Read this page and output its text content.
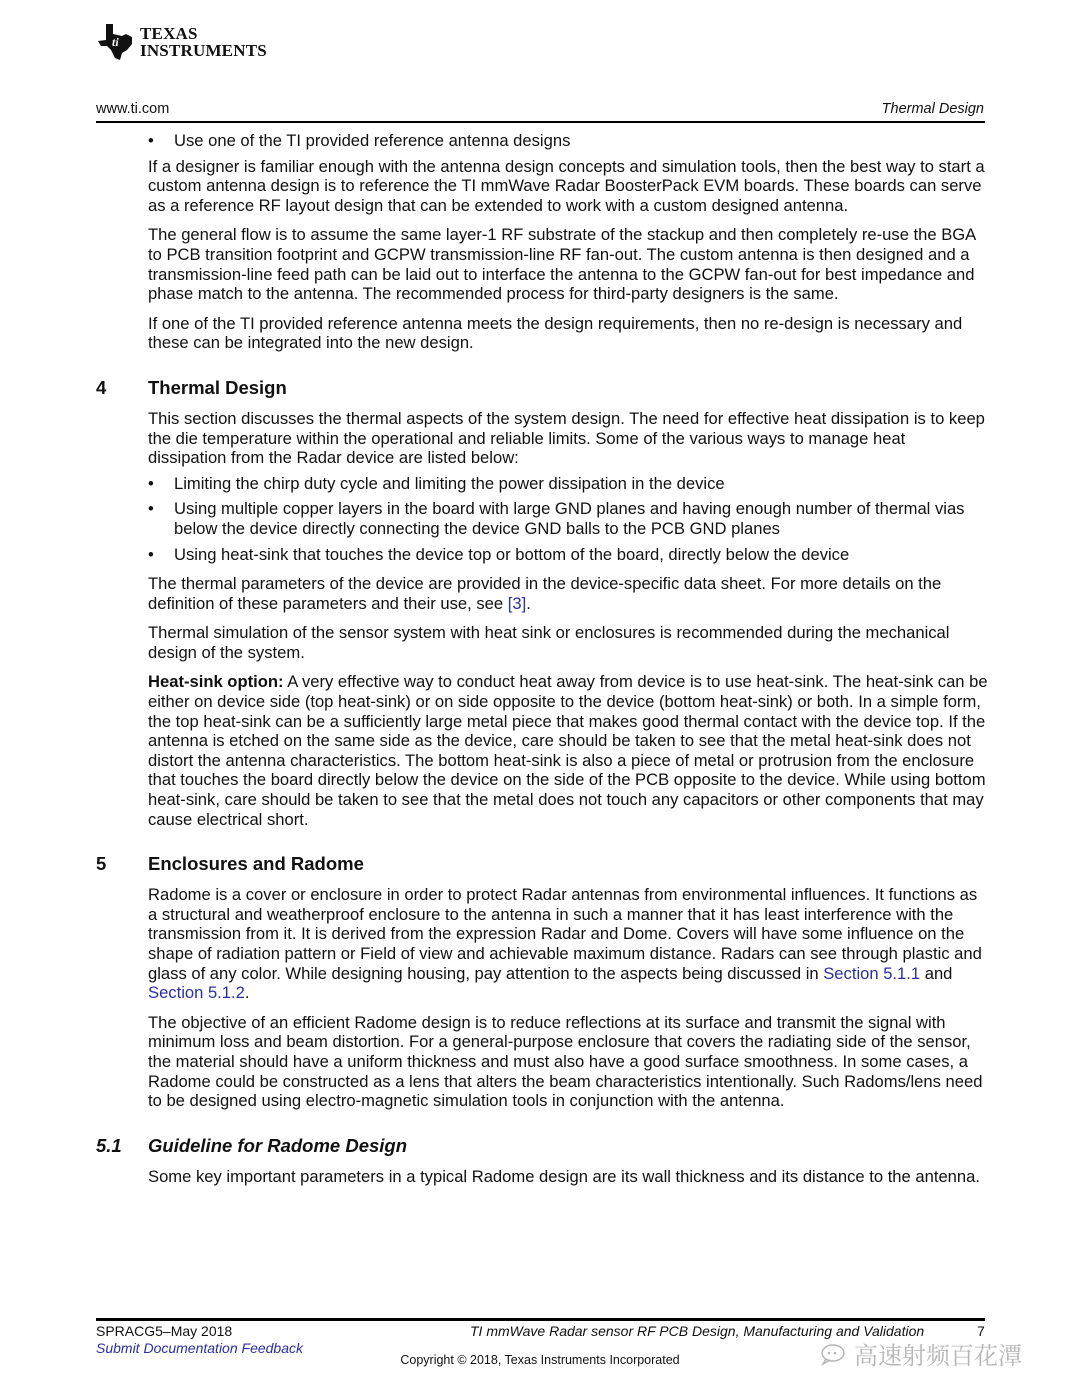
ti TEXAS
INSTRUMENTS
www.ti.com	Thermal Design
• Use one of the TI provided reference antenna designs

If a designer is familiar enough with the antenna design concepts and simulation tools, then the best way to start a custom antenna design is to reference the TI mmWave Radar BoosterPack EVM boards. These boards can serve as a reference RF layout design that can be extended to work with a custom designed antenna.

The general flow is to assume the same layer-1 RF substrate of the stackup and then completely re-use the BGA to PCB transition footprint and GCPW transmission-line RF fan-out. The custom antenna is then designed and a transmission-line feed path can be laid out to interface the antenna to the GCPW fan-out for best impedance and phase match to the antenna. The recommended process for third-party designers is the same.

If one of the TI provided reference antenna meets the design requirements, then no re-design is necessary and these can be integrated into the new design.

4 Thermal Design

This section discusses the thermal aspects of the system design. The need for effective heat dissipation is to keep the die temperature within the operational and reliable limits. Some of the various ways to manage heat dissipation from the Radar device are listed below:

• Limiting the chirp duty cycle and limiting the power dissipation in the device
• Using multiple copper layers in the board with large GND planes and having enough number of thermal vias below the device directly connecting the device GND balls to the PCB GND planes
• Using heat-sink that touches the device top or bottom of the board, directly below the device

The thermal parameters of the device are provided in the device-specific data sheet. For more details on the definition of these parameters and their use, see [3].

Thermal simulation of the sensor system with heat sink or enclosures is recommended during the mechanical design of the system.

Heat-sink option: A very effective way to conduct heat away from device is to use heat-sink. The heat-sink can be either on device side (top heat-sink) or on side opposite to the device (bottom heat-sink) or both. In a simple form, the top heat-sink can be a sufficiently large metal piece that makes good thermal contact with the device top. If the antenna is etched on the same side as the device, care should be taken to see that the metal heat-sink does not distort the antenna characteristics. The bottom heat-sink is also a piece of metal or protrusion from the enclosure that touches the board directly below the device on the side of the PCB opposite to the device. While using bottom heat-sink, care should be taken to see that the metal does not touch any capacitors or other components that may cause electrical short.

5 Enclosures and Radome

Radome is a cover or enclosure in order to protect Radar antennas from environmental influences. It functions as a structural and weatherproof enclosure to the antenna in such a manner that it has least interference with the transmission from it. It is derived from the expression Radar and Dome. Covers will have some influence on the shape of radiation pattern or Field of view and achievable maximum distance. Radars can see through plastic and glass of any color. While designing housing, pay attention to the aspects being discussed in Section 5.1.1 and Section 5.1.2.

The objective of an efficient Radome design is to reduce reflections at its surface and transmit the signal with minimum loss and beam distortion. For a general-purpose enclosure that covers the radiating side of the sensor, the material should have a uniform thickness and must also have a good surface smoothness. In some cases, a Radome could be constructed as a lens that alters the beam characteristics intentionally. Such Radoms/lens need to be designed using electro-magnetic simulation tools in conjunction with the antenna.

5.1 Guideline for Radome Design

Some key important parameters in a typical Radome design are its wall thickness and its distance to the antenna.

SPRACG5–May 2018
Submit Documentation Feedback
TI mmWave Radar sensor RF PCB Design, Manufacturing and Validation	7
Copyright © 2018, Texas Instruments Incorporated	高速射频百花潭
